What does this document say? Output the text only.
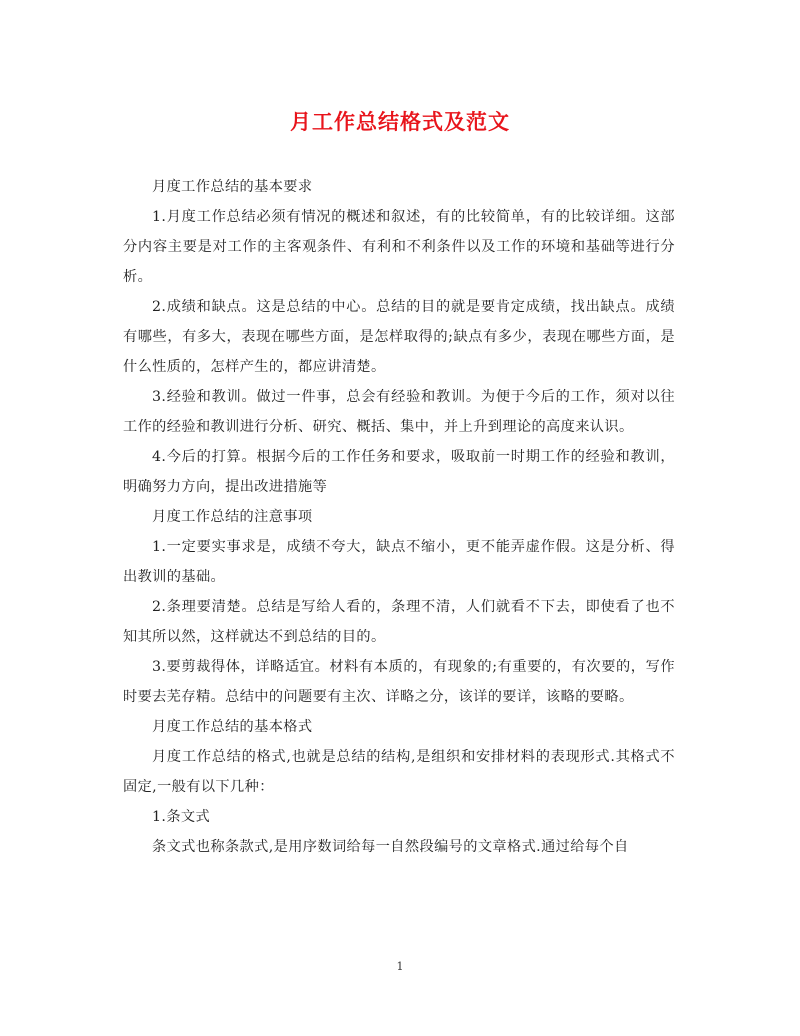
月工作总结格式及范文

月度工作总结的基本要求

1.月度工作总结必须有情况的概述和叙述，有的比较简单，有的比较详细。这部分内容主要是对工作的主客观条件、有利和不利条件以及工作的环境和基础等进行分析。

2.成绩和缺点。这是总结的中心。总结的目的就是要肯定成绩，找出缺点。成绩有哪些，有多大，表现在哪些方面，是怎样取得的;缺点有多少，表现在哪些方面，是什么性质的，怎样产生的，都应讲清楚。

3.经验和教训。做过一件事，总会有经验和教训。为便于今后的工作，须对以往工作的经验和教训进行分析、研究、概括、集中，并上升到理论的高度来认识。

4.今后的打算。根据今后的工作任务和要求，吸取前一时期工作的经验和教训，明确努力方向，提出改进措施等

月度工作总结的注意事项

1.一定要实事求是，成绩不夸大，缺点不缩小，更不能弄虚作假。这是分析、得出教训的基础。

2.条理要清楚。总结是写给人看的，条理不清，人们就看不下去，即使看了也不知其所以然，这样就达不到总结的目的。

3.要剪裁得体，详略适宜。材料有本质的，有现象的;有重要的，有次要的，写作时要去芜存精。总结中的问题要有主次、详略之分，该详的要详，该略的要略。

月度工作总结的基本格式

月度工作总结的格式,也就是总结的结构,是组织和安排材料的表现形式.其格式不固定,一般有以下几种：

1.条文式

条文式也称条款式,是用序数词给每一自然段编号的文章格式.通过给每个自

1
